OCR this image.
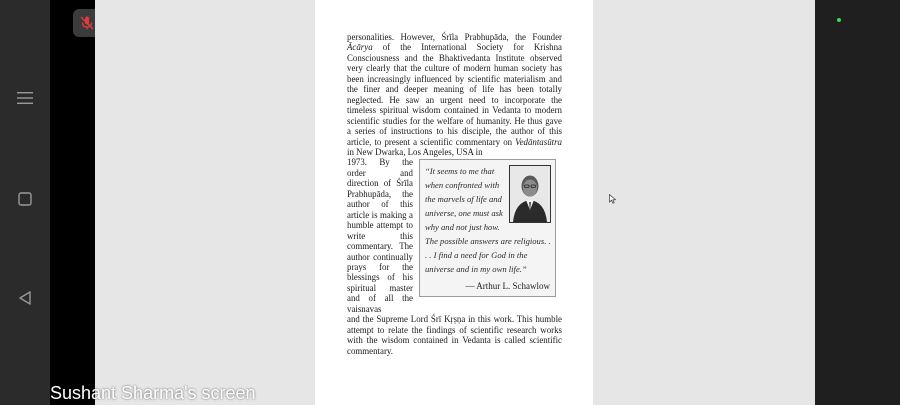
personalities. However, Śrīla Prabhupāda, the Founder Ācārya of the International Society for Krishna Consciousness and the Bhaktivedanta Institute observed very clearly that the culture of modern human society has been increasingly influenced by scientific materialism and the finer and deeper meaning of life has been totally neglected. He saw an urgent need to incorporate the timeless spiritual wisdom contained in Vedanta to modern scientific studies for the welfare of humanity. He thus gave a series of instructions to his disciple, the author of this article, to present a scientific commentary on Vedāntasūtra in New Dwarka, Los Angeles, USA in

1973. By the order and direction of Śrīla Prabhupāda, the author of this article is making a humble attempt to write this commentary. The author continually prays for the blessings of his spiritual master and of all the vaisnavas
“It seems to me that when confronted with the marvels of life and universe, one must ask why and not just how. The possible answers are religious. . . . I find a need for God in the universe and in my own life.”
— Arthur L. Schawlow

and the Supreme Lord Śrī Kṛṣṇa in this work. This humble attempt to relate the findings of scientific research works with the wisdom contained in Vedanta is called scientific commentary.

Sushant Sharma's screen
